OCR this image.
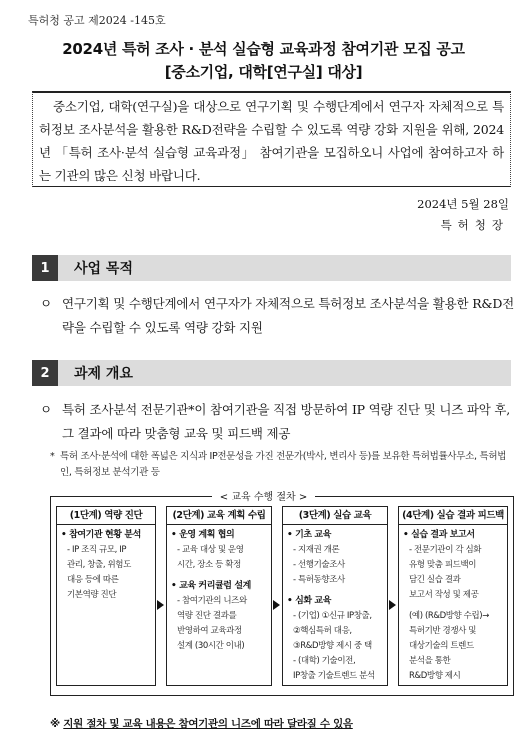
특허청 공고 제2024 -145호
2024년 특허 조사 · 분석 실습형 교육과정 참여기관 모집 공고
[중소기업, 대학[연구실] 대상]

중소기업, 대학(연구실)을 대상으로 연구기획 및 수행단계에서 연구자 자체적으로 특허정보 조사분석을 활용한 R&D전략을 수립할 수 있도록 역량 강화 지원을 위해, 2024년 「특허 조사·분석 실습형 교육과정」 참여기관을 모집하오니 사업에 참여하고자 하는 기관의 많은 신청 바랍니다.

2024년 5월 28일
특허청장
1	사업 목적
ㅇ 연구기획 및 수행단계에서 연구자가 자체적으로 특허정보 조사분석을 활용한 R&D전략을 수립할 수 있도록 역량 강화 지원
2	과제 개요
ㅇ 특허 조사분석 전문기관*이 참여기관을 직접 방문하여 IP 역량 진단 및 니즈 파악 후, 그 결과에 따라 맞춤형 교육 및 피드백 제공
* 특허 조사·분석에 대한 폭넓은 지식과 IP전문성을 가진 전문가(박사, 변리사 등)를 보유한 특허법률사무소, 특허법인, 특허정보 분석기관 등
< 교육 수행 절차 >
(1단계) 역량 진단
• 참여기관 현황 분석
- IP 조직 규모, IP
관리, 창출, 위험도
대응 등에 따른
기본역량 진단
(2단계) 교육 계획 수립
• 운영 계획 협의
- 교육 대상 및 운영
시간, 장소 등 확정
• 교육 커리큘럼 설계
- 참여기관의 니즈와
역량 진단 결과를
반영하여 교육과정
설계 (30시간 이내)
(3단계) 실습 교육
• 기초 교육
- 지재권 개론
- 선행기술조사
- 특허동향조사
• 심화 교육
- (기업) ①신규 IP창출,
②핵심특허 대응,
③R&D방향 제시 중 택
- (대학) 기술이전,
IP창출 기술트렌드 분석
(4단계) 실습 결과 피드백
• 실습 결과 보고서
- 전문기관이 각 심화
유형 맞춤 피드백이
담긴 실습 결과
보고서 작성 및 제공
(예) (R&D방향 수립)→
특허기반 경쟁사 및
대상기술의 트렌드
분석을 통한
R&D방향 제시
※ 지원 절차 및 교육 내용은 참여기관의 니즈에 따라 달라질 수 있음
